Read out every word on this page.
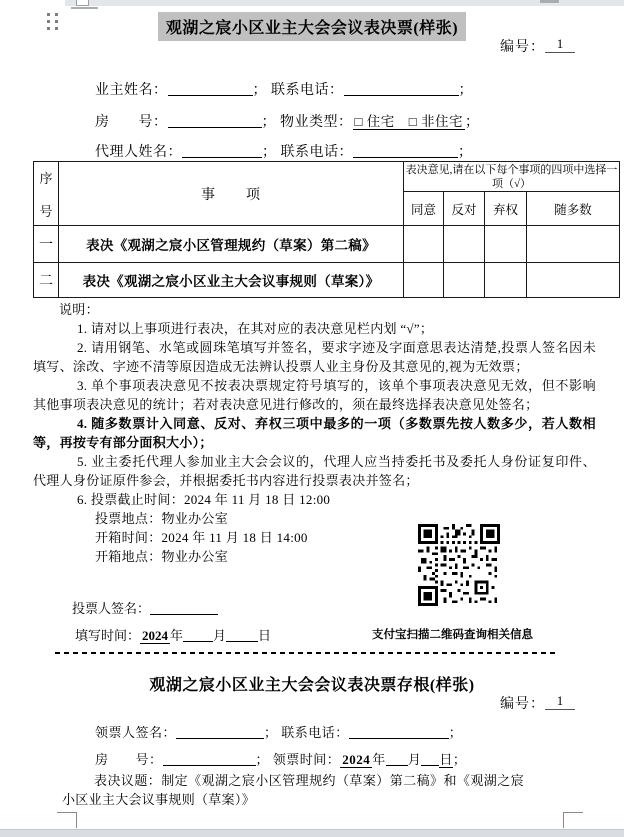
观湖之宸小区业主大会会议表决票(样张)
编号： 1
业主姓名：	； 联系电话：	；
房　　号：	； 物业类型： □ 住宅　 □ 非住宅 ；
代理人姓名：	； 联系电话：	；
序
号	事　　项	表决意见,请在以下每个事项的四项中选择一项（√）			
		同意	反对	弃权	随多数
一	表决《观湖之宸小区管理规约（草案）第二稿》				
二	表决《观湖之宸小区业主大会议事规则（草案）》				

说明：

1. 请对以上事项进行表决，在其对应的表决意见栏内划 “√”；

2. 请用钢笔、水笔或圆珠笔填写并签名，要求字迹及字面意思表达清楚,投票人签名因未填写、涂改、字迹不清等原因造成无法辨认投票人业主身份及其意见的,视为无效票；

3. 单个事项表决意见不按表决票规定符号填写的，该单个事项表决意见无效，但不影响其他事项表决意见的统计；若对表决意见进行修改的，须在最终选择表决意见处签名；

4. 随多数票计入同意、反对、弃权三项中最多的一项（多数票先按人数多少，若人数相等，再按专有部分面积大小）；

5. 业主委托代理人参加业主大会会议的，代理人应当持委托书及委托人身份证复印件、代理人身份证原件参会，并根据委托书内容进行投票表决并签名；

6. 投票截止时间：2024 年 11 月 18 日 12:00

投票地点：物业办公室

开箱时间：2024 年 11 月 18 日 14:00

开箱地点：物业办公室

投票人签名：
填写时间： 2024 年 月 日	支付宝扫描二维码查询相关信息
观湖之宸小区业主大会会议表决票存根(样张)
编号： 1
领票人签名：	； 联系电话：	；
房　　号：	； 领票时间： 2024 年 月 日；

表决议题：制定《观湖之宸小区管理规约（草案）第二稿》和《观湖之宸小区业主大会议事规则（草案）》
